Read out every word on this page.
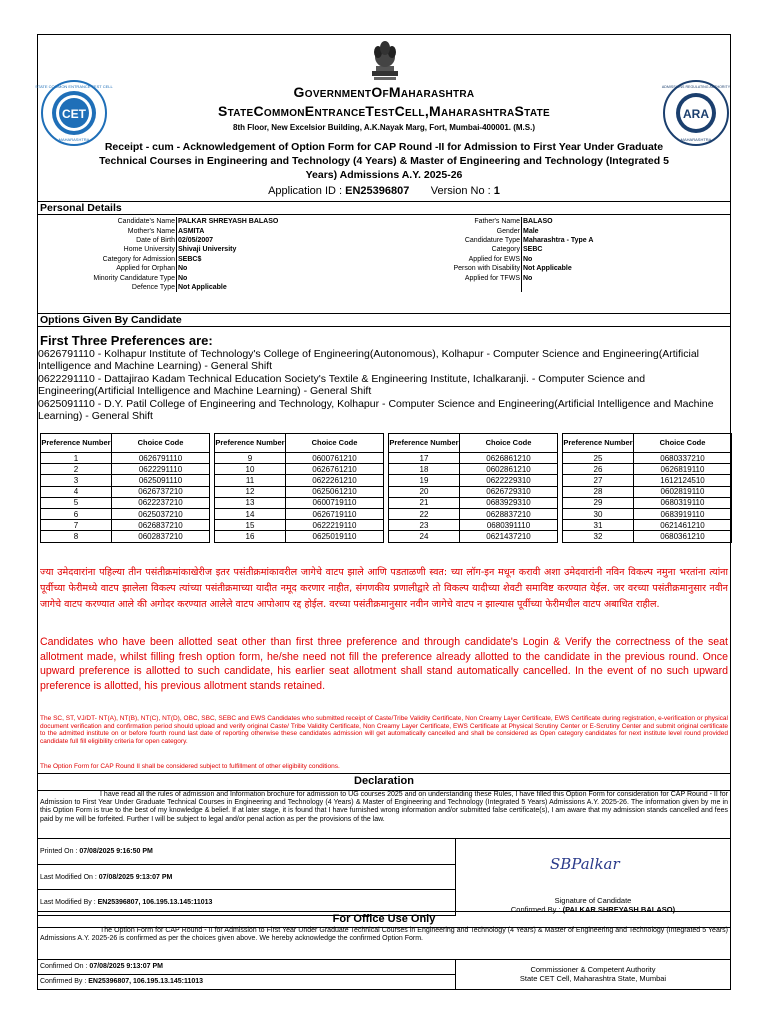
CET
MAHARASHTRA
STATE COMMON ENTRANCE TEST CELL
ARA
MAHARASHTRA
ADMISSIONS REGULATING AUTHORITY
GovernmentOfMaharashtra
StateCommonEntranceTestCell,MaharashtraState
8th Floor, New Excelsior Building, A.K.Nayak Marg, Fort, Mumbai-400001. (M.S.)
Receipt - cum - Acknowledgement of Option Form for CAP Round -II for Admission to First Year Under Graduate Technical Courses in Engineering and Technology (4 Years) & Master of Engineering and Technology (Integrated 5 Years) Admissions A.Y. 2025-26
Application ID : EN25396807 Version No : 1
Personal Details
Candidate's Name	PALKAR SHREYASH BALASO	Father's Name	BALASO
Mother's Name	ASMITA	Gender	Male
Date of Birth	02/05/2007	Candidature Type	Maharashtra - Type A
Home University	Shivaji University	Category	SEBC
Category for Admission	SEBC$	Applied for EWS	No
Applied for Orphan	No	Person with Disability	Not Applicable
Minority Candidature Type	No	Applied for TFWS	No
Defence Type	Not Applicable		
Options Given By Candidate
First Three Preferences are:
0626791110 - Kolhapur Institute of Technology's College of Engineering(Autonomous), Kolhapur - Computer Science and Engineering(Artificial Intelligence and Machine Learning) - General Shift
0622291110 - Dattajirao Kadam Technical Education Society's Textile & Engineering Institute, Ichalkaranji. - Computer Science and Engineering(Artificial Intelligence and Machine Learning) - General Shift
0625091110 - D.Y. Patil College of Engineering and Technology, Kolhapur - Computer Science and Engineering(Artificial Intelligence and Machine Learning) - General Shift
Preference Number	Choice Code
1	0626791110
2	0622291110
3	0625091110
4	0626737210
5	0622237210
6	0625037210
7	0626837210
8	0602837210
Preference Number	Choice Code
9	0600761210
10	0626761210
11	0622261210
12	0625061210
13	0600719110
14	0626719110
15	0622219110
16	0625019110
Preference Number	Choice Code
17	0626861210
18	0602861210
19	0622229310
20	0626729310
21	0683929310
22	0628837210
23	0680391110
24	0621437210
Preference Number	Choice Code
25	0680337210
26	0626819110
27	1612124510
28	0602819110
29	0680319110
30	0683919110
31	0621461210
32	0680361210
ज्या उमेदवारांना पहिल्या तीन पसंतीक्रमांकाखेरीज इतर पसंतीक्रमांकावरील जागेचे वाटप झाले आणि पडताळणी स्वत: च्या लॉग-इन मधून करावी अशा उमेदवारांनी नविन विकल्प नमुना भरतांना त्यांना पूर्वीच्या फेरीमध्ये वाटप झालेला विकल्प त्यांच्या पसंतीक्रमाच्या यादीत नमूद करणार नाहीत, संगणकीय प्रणालीद्वारे तो विकल्प यादीच्या शेवटी समाविष्ट करण्यात येईल. जर वरच्या पसंतीक्रमानुसार नवीन जागेचे वाटप करण्यात आले की अगोदर करण्यात आलेले वाटप आपोआप रद्द होईल. वरच्या पसंतीक्रमानुसार नवीन जागेचे वाटप न झाल्यास पूर्वीच्या फेरीमधील वाटप अबाधित राहील.
Candidates who have been allotted seat other than first three preference and through candidate's Login & Verify the correctness of the seat allotment made, whilst filling fresh option form, he/she need not fill the preference already allotted to the candidate in the previous round. Once upward preference is allotted to such candidate, his earlier seat allotment shall stand automatically cancelled. In the event of no such upward preference is allotted, his previous allotment stands retained.
The SC, ST, VJ/DT- NT(A), NT(B), NT(C), NT(D), OBC, SBC, SEBC and EWS Candidates who submitted receipt of Caste/Tribe Validity Certificate, Non Creamy Layer Certificate, EWS Certificate during registration, e-verification or physical document verification and confirmation period should upload and verify original Caste/ Tribe Validity Certificate, Non Creamy Layer Certificate, EWS Certificate at Physical Scrutiny Center or E-Scrutiny Center and submit original certificate to the admitted institute on or before fourth round last date of reporting otherwise these candidates admission will get automatically cancelled and shall be considered as Open category candidates for next institute level round provided candidate full fill eligibility criteria for open category.
The Option Form for CAP Round II shall be considered subject to fulfillment of other eligibility conditions.
Declaration
I have read all the rules of admission and Information brochure for admission to UG courses 2025 and on understanding these Rules, I have filled this Option Form for consideration for CAP Round - II for Admission to First Year Under Graduate Technical Courses in Engineering and Technology (4 Years) & Master of Engineering and Technology (Integrated 5 Years) Admissions A.Y. 2025-26. The information given by me in this Option Form is true to the best of my knowledge & belief. If at later stage, it is found that I have furnished wrong information and/or submitted false certificate(s), I am aware that my admission stands cancelled and fees paid by me will be forfeited. Further I will be subject to legal and/or penal action as per the provisions of the law.
Printed On : 07/08/2025 9:16:50 PM
Last Modified On : 07/08/2025 9:13:07 PM
Last Modified By : EN25396807, 106.195.13.145:11013
SBPalkar
Signature of Candidate
Confirmed By : (PALKAR SHREYASH BALASO)
For Office Use Only
The Option Form for CAP Round - II for Admission to First Year Under Graduate Technical Courses in Engineering and Technology (4 Years) & Master of Engineering and Technology (Integrated 5 Years) Admissions A.Y. 2025-26 is confirmed as per the choices given above. We hereby acknowledge the confirmed Option Form.
Confirmed On : 07/08/2025 9:13:07 PM
Confirmed By : EN25396807, 106.195.13.145:11013
Commissioner & Competent Authority
State CET Cell, Maharashtra State, Mumbai
